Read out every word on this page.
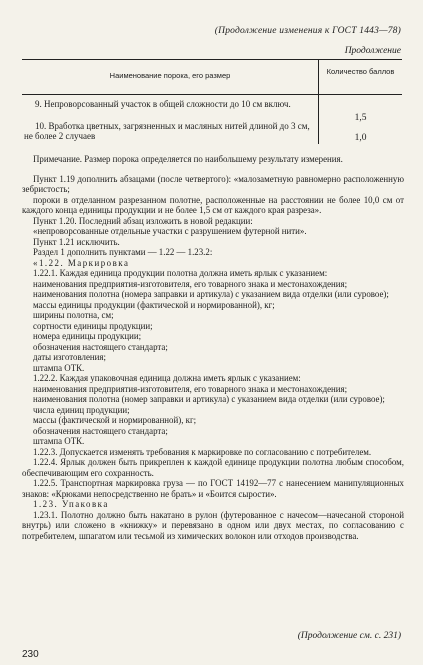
(Продолжение изменения к ГОСТ 1443—78)
Продолжение
Наименование порока, его размер	Количество баллов
9. Непроворсованный участок в общей сложности до 10 см включ.
1,5
10. Вработка цветных, загрязненных и масляных нитей длиной до 3 см, не более 2 случаев	1,0

Примечание. Размер порока определяется по наибольшему результату измерения.

Пункт 1.19 дополнить абзацами (после четвертого): «малозаметную равномерно расположенную зебристость;

пороки в отделанном разрезанном полотне, расположенные на расстоянии не более 10,0 см от каждого конца единицы продукции и не более 1,5 см от каждого края разреза».

Пункт 1.20. Последний абзац изложить в новой редакции:

«непроворсованные отдельные участки с разрушением футерной нити».

Пункт 1.21 исключить.

Раздел 1 дополнить пунктами — 1.22 — 1.23.2:

«1.22. Маркировка

1.22.1. Каждая единица продукции полотна должна иметь ярлык с указанием:

наименования предприятия-изготовителя, его товарного знака и местонахождения;

наименования полотна (номера заправки и артикула) с указанием вида отделки (или суровое);

массы единицы продукции (фактической и нормированной), кг;

ширины полотна, см;

сортности единицы продукции;

номера единицы продукции;

обозначения настоящего стандарта;

даты изготовления;

штампа ОТК.

1.22.2. Каждая упаковочная единица должна иметь ярлык с указанием:

наименования предприятия-изготовителя, его товарного знака и местонахождения;

наименования полотна (номер заправки и артикула) с указанием вида отделки (или суровое);

числа единиц продукции;

массы (фактической и нормированной), кг;

обозначения настоящего стандарта;

штампа ОТК.

1.22.3. Допускается изменять требования к маркировке по согласованию с потребителем.

1.22.4. Ярлык должен быть прикреплен к каждой единице продукции полотна любым способом, обеспечивающим его сохранность.

1.22.5. Транспортная маркировка груза — по ГОСТ 14192—77 с нанесением манипуляционных знаков: «Крюками непосредственно не брать» и «Боится сырости».

1.23. Упаковка

1.23.1. Полотно должно быть накатано в рулон (футерованное с начесом—начесаной стороной внутрь) или сложено в «книжку» и перевязано в одном или двух местах, по согласованию с потребителем, шпагатом или тесьмой из химических волокон или отходов производства.

(Продолжение см. с. 231)
230
